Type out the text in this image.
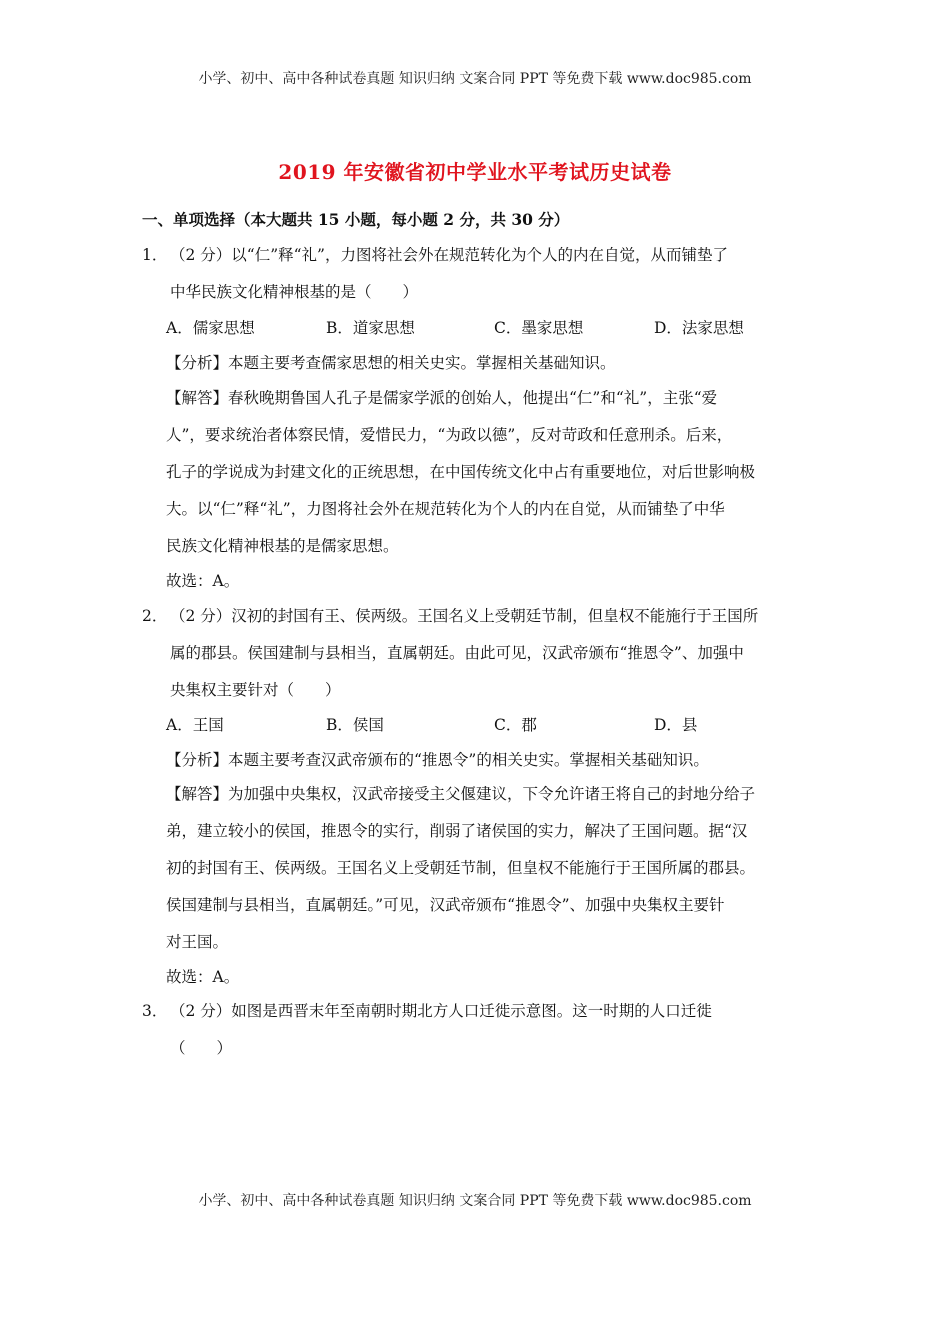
小学、初中、高中各种试卷真题 知识归纳 文案合同 PPT 等免费下载 www.doc985.com
2019 年安徽省初中学业水平考试历史试卷
一、单项选择（本大题共 15 小题，每小题 2 分，共 30 分）
1． （2 分）以“仁”释“礼”，力图将社会外在规范转化为个人的内在自觉，从而铺垫了
中华民族文化精神根基的是（　　）
A．儒家思想	B．道家思想	C．墨家思想	D．法家思想
【分析】本题主要考查儒家思想的相关史实。掌握相关基础知识。
【解答】春秋晚期鲁国人孔子是儒家学派的创始人，他提出“仁”和“礼”，主张“爱
人”，要求统治者体察民情，爱惜民力，“为政以德”，反对苛政和任意刑杀。后来，
孔子的学说成为封建文化的正统思想，在中国传统文化中占有重要地位，对后世影响极
大。以“仁”释“礼”，力图将社会外在规范转化为个人的内在自觉，从而铺垫了中华
民族文化精神根基的是儒家思想。
故选：A。
2． （2 分）汉初的封国有王、侯两级。王国名义上受朝廷节制，但皇权不能施行于王国所
属的郡县。侯国建制与县相当，直属朝廷。由此可见，汉武帝颁布“推恩令”、加强中
央集权主要针对（　　）
A．王国	B．侯国	C．郡	D．县
【分析】本题主要考查汉武帝颁布的“推恩令”的相关史实。掌握相关基础知识。
【解答】为加强中央集权，汉武帝接受主父偃建议，下令允许诸王将自己的封地分给子
弟，建立较小的侯国，推恩令的实行，削弱了诸侯国的实力，解决了王国问题。据“汉
初的封国有王、侯两级。王国名义上受朝廷节制，但皇权不能施行于王国所属的郡县。
侯国建制与县相当，直属朝廷。”可见，汉武帝颁布“推恩令”、加强中央集权主要针
对王国。
故选：A。
3． （2 分）如图是西晋末年至南朝时期北方人口迁徙示意图。这一时期的人口迁徙
（　　）
小学、初中、高中各种试卷真题 知识归纳 文案合同 PPT 等免费下载 www.doc985.com
